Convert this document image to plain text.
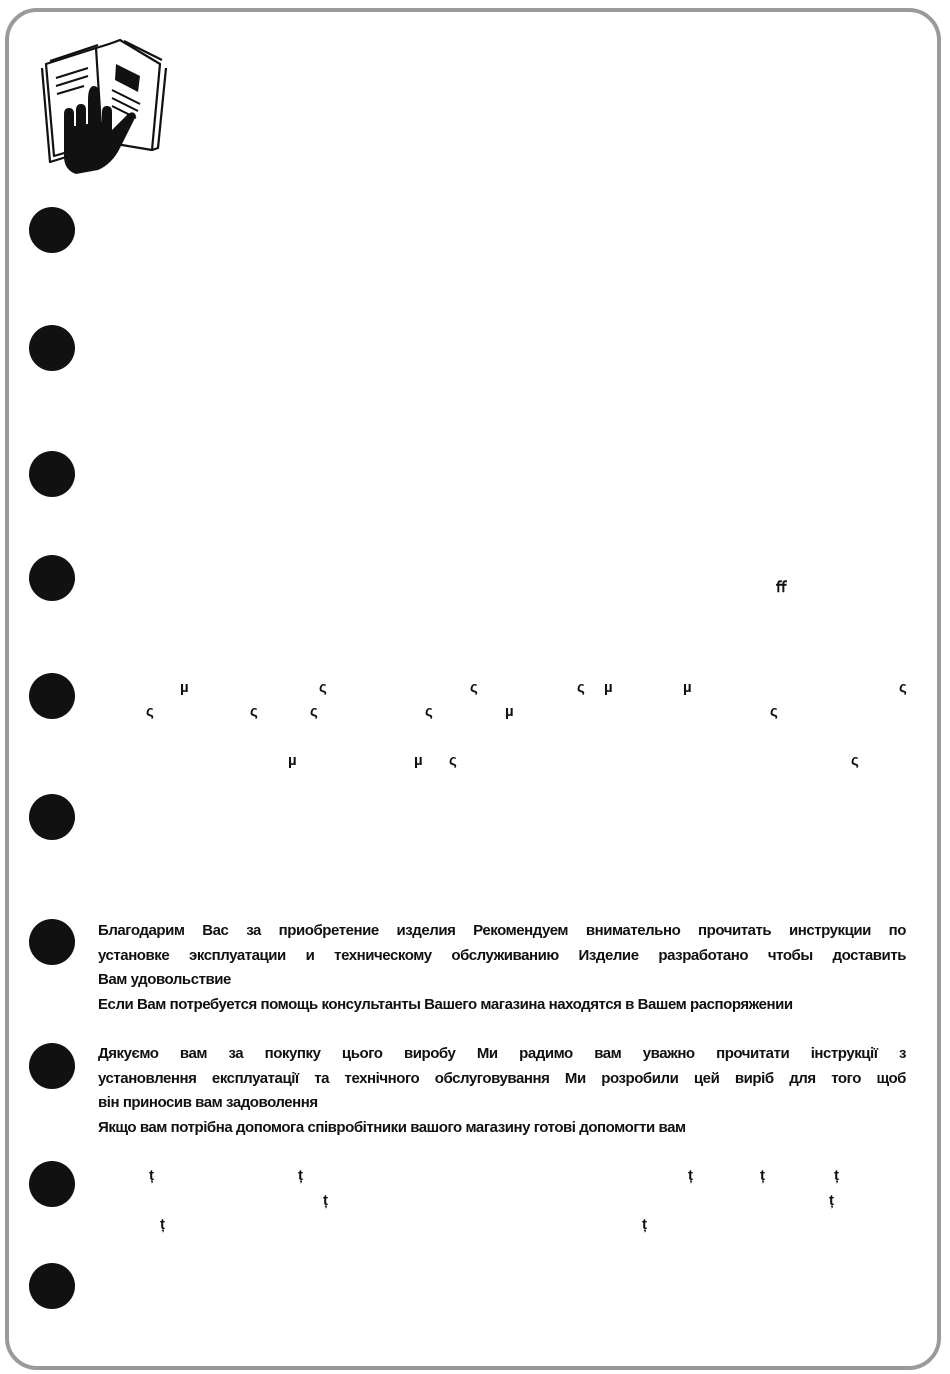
ﬀ
µ	ς	ς	ς µ	µ	ς
ς	ς	ς	ς	µ	ς
µ	µ ς	ς
Благодарим Вас за приобретение изделия Рекомендуем внимательно прочитать инструкции по
установке эксплуатации и техническому обслуживанию Изделие разработано чтобы доставить
Вам удовольствие
Если Вам потребуется помощь консультанты Вашего магазина находятся в Вашем распоряжении
Дякуємо вам за покупку цього виробу Ми радимо вам уважно прочитати інструкції з
установлення експлуатації та технічного обслуговування Ми розробили цей виріб для того щоб
він приносив вам задоволення
Якщо вам потрібна допомога співробітники вашого магазину готові допомогти вам
ț	ț	ț	ț	ț
ț	ț
ț	ț
